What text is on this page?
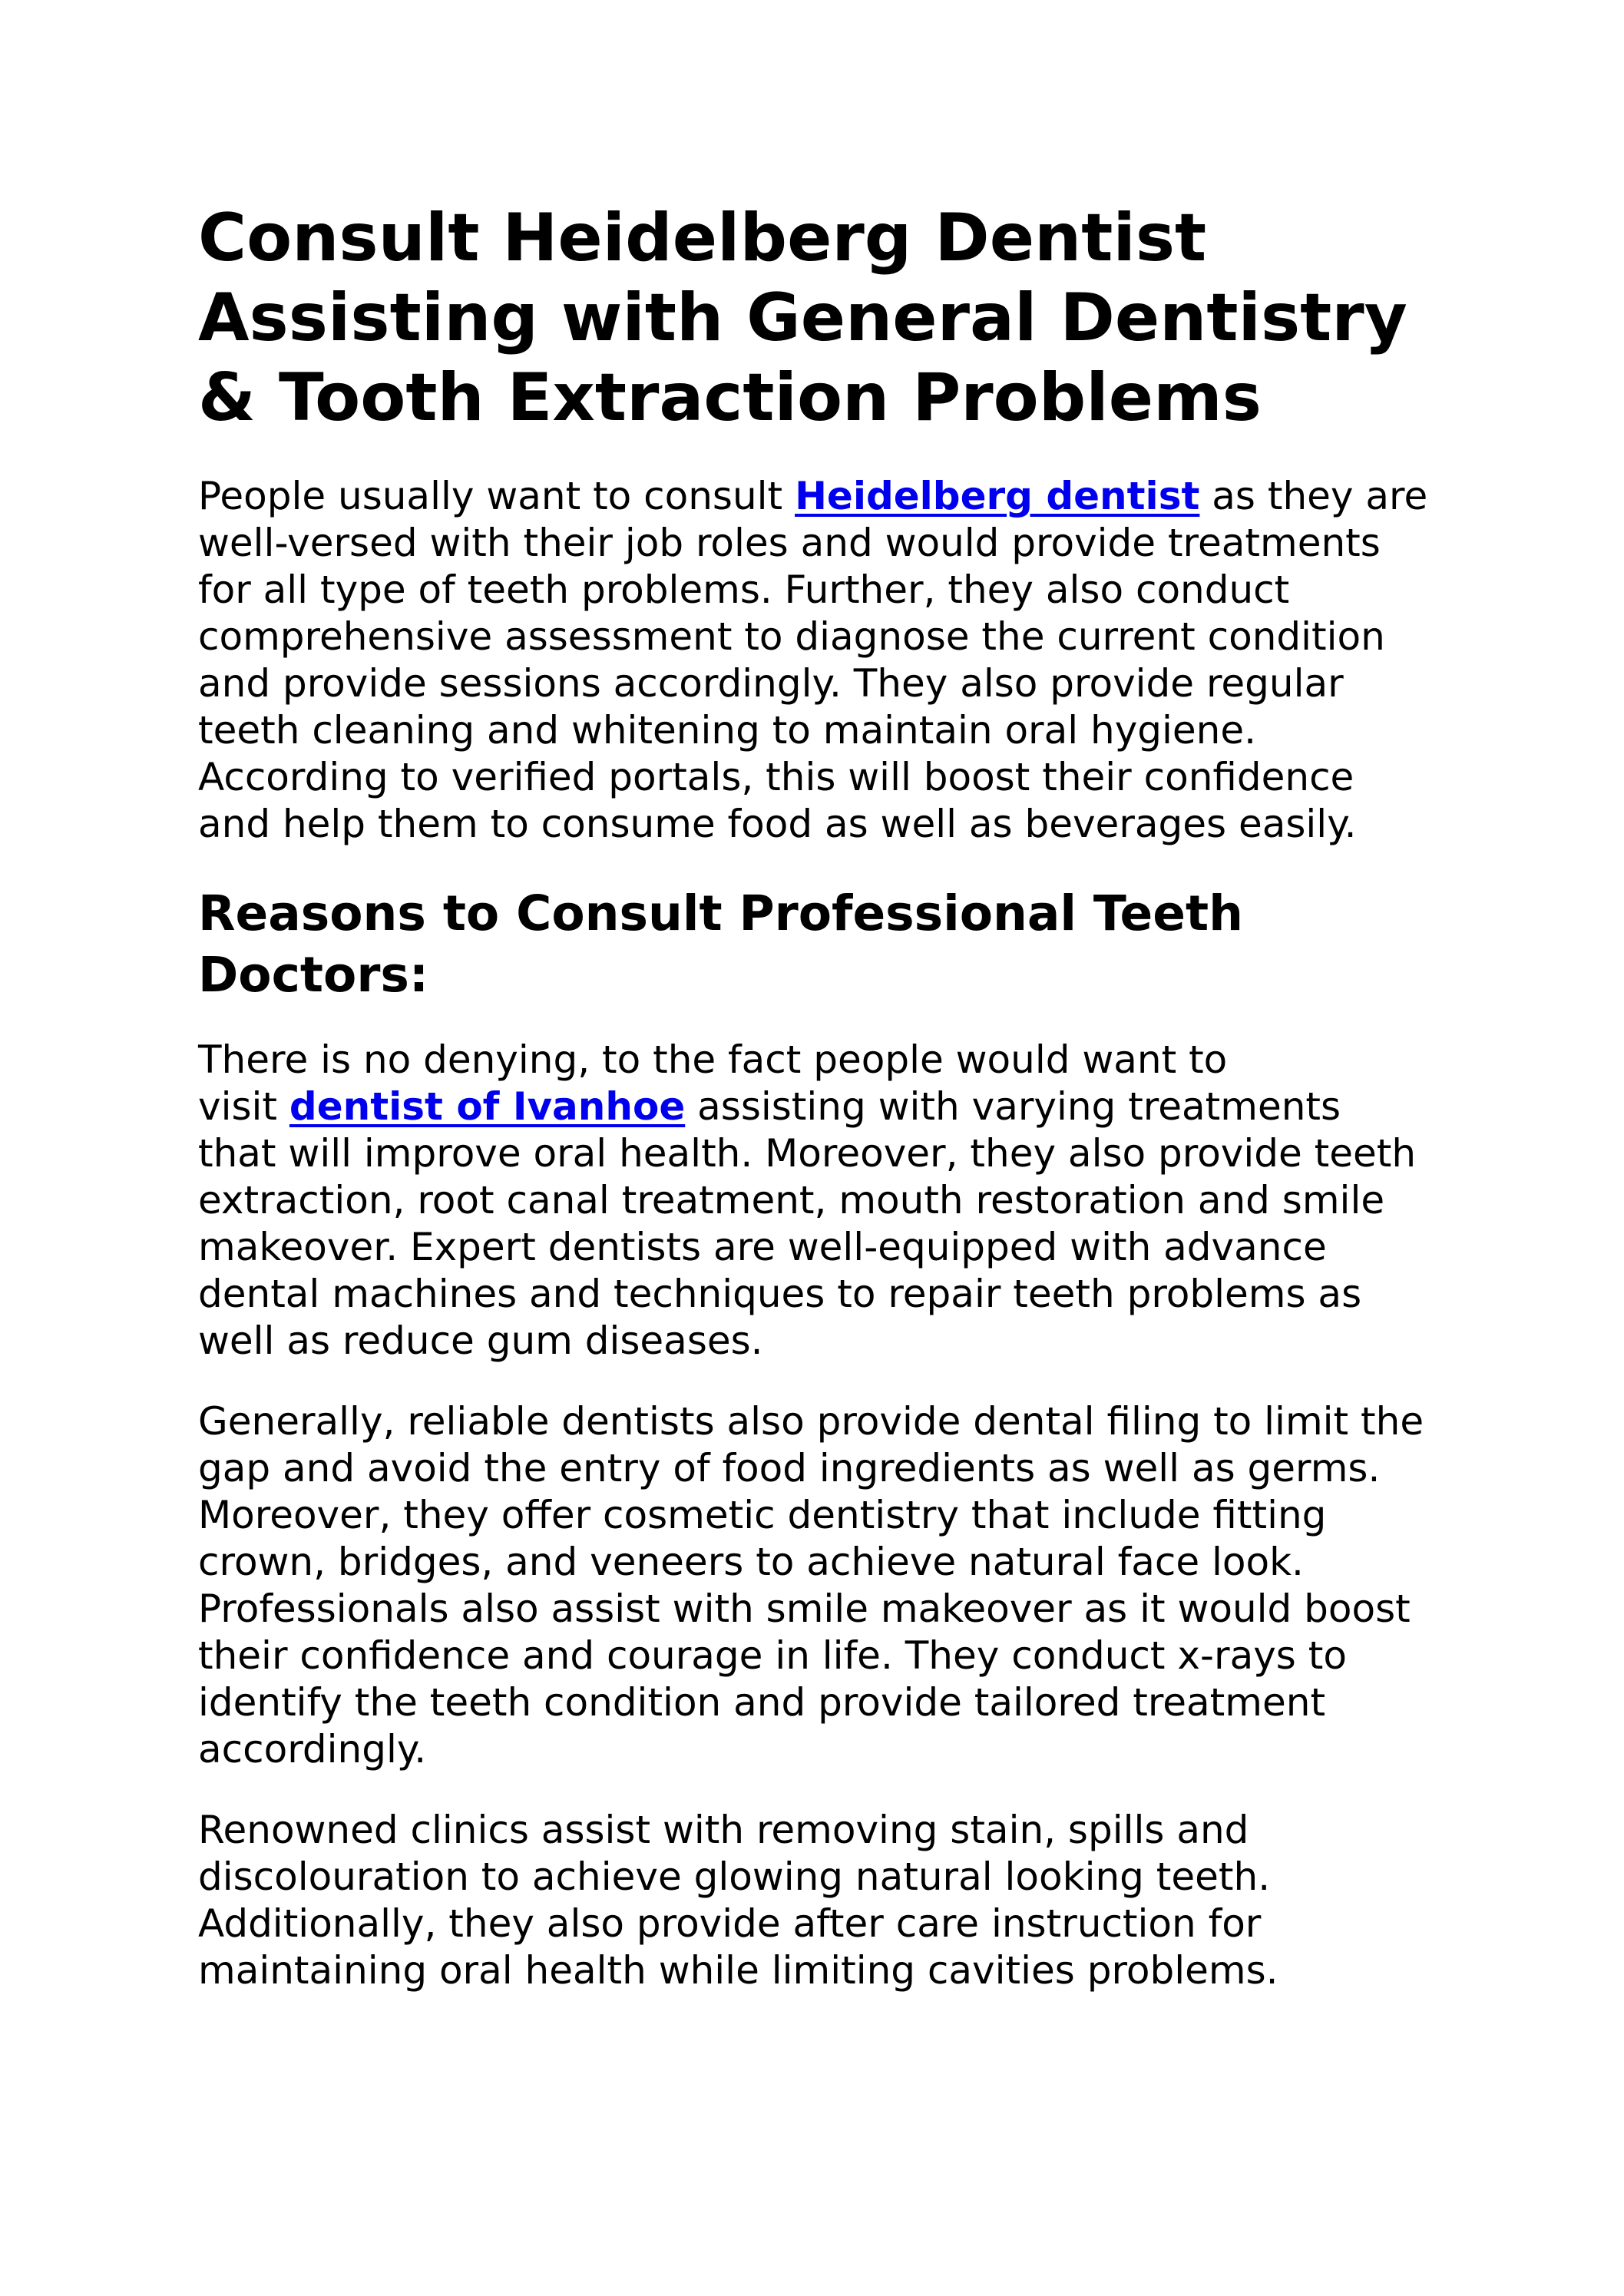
Consult Heidelberg Dentist
Assisting with General Dentistry
& Tooth Extraction Problems

People usually want to consult Heidelberg dentist as they are
well-versed with their job roles and would provide treatments
for all type of teeth problems. Further, they also conduct
comprehensive assessment to diagnose the current condition
and provide sessions accordingly. They also provide regular
teeth cleaning and whitening to maintain oral hygiene.
According to verified portals, this will boost their confidence
and help them to consume food as well as beverages easily.

Reasons to Consult Professional Teeth
Doctors:

There is no denying, to the fact people would want to
visit dentist of Ivanhoe assisting with varying treatments
that will improve oral health. Moreover, they also provide teeth
extraction, root canal treatment, mouth restoration and smile
makeover. Expert dentists are well-equipped with advance
dental machines and techniques to repair teeth problems as
well as reduce gum diseases.

Generally, reliable dentists also provide dental filing to limit the
gap and avoid the entry of food ingredients as well as germs.
Moreover, they offer cosmetic dentistry that include fitting
crown, bridges, and veneers to achieve natural face look.
Professionals also assist with smile makeover as it would boost
their confidence and courage in life. They conduct x-rays to
identify the teeth condition and provide tailored treatment
accordingly.

Renowned clinics assist with removing stain, spills and
discolouration to achieve glowing natural looking teeth.
Additionally, they also provide after care instruction for
maintaining oral health while limiting cavities problems.
